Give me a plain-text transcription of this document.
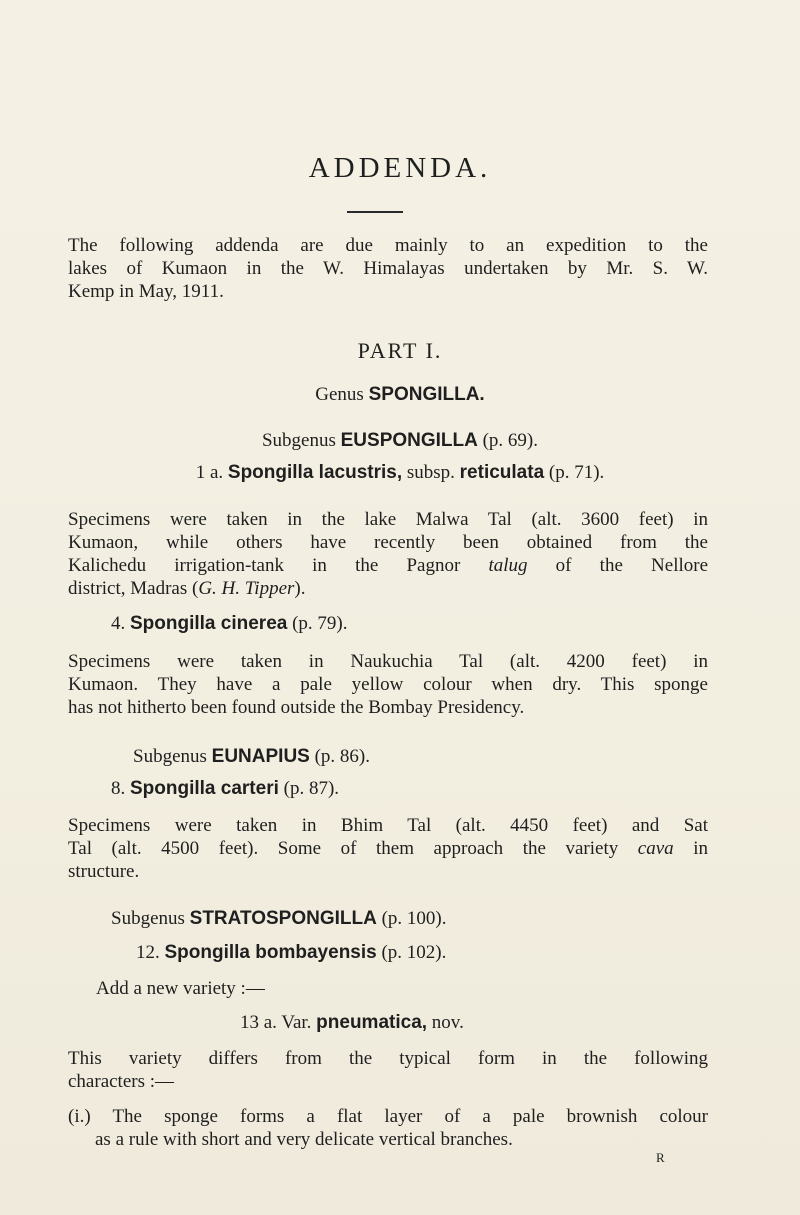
ADDENDA.
The following addenda are due mainly to an expedition to the
lakes of Kumaon in the W. Himalayas undertaken by Mr. S. W.
Kemp in May, 1911.

PART I.

Genus SPONGILLA.

Subgenus EUSPONGILLA (p. 69).

1 a. Spongilla lacustris, subsp. reticulata (p. 71).

Specimens were taken in the lake Malwa Tal (alt. 3600 feet) in
Kumaon, while others have recently been obtained from the
Kalichedu irrigation-tank in the Pagnor talug of the Nellore
district, Madras (G. H. Tipper).

4. Spongilla cinerea (p. 79).

Specimens were taken in Naukuchia Tal (alt. 4200 feet) in
Kumaon. They have a pale yellow colour when dry. This sponge
has not hitherto been found outside the Bombay Presidency.

Subgenus EUNAPIUS (p. 86).

8. Spongilla carteri (p. 87).

Specimens were taken in Bhim Tal (alt. 4450 feet) and Sat
Tal (alt. 4500 feet). Some of them approach the variety cava in
structure.

Subgenus STRATOSPONGILLA (p. 100).

12. Spongilla bombayensis (p. 102).

Add a new variety :—

13 a. Var. pneumatica, nov.

This variety differs from the typical form in the following
characters :—
(i.) The sponge forms a flat layer of a pale brownish colour
as a rule with short and very delicate vertical branches.

R
